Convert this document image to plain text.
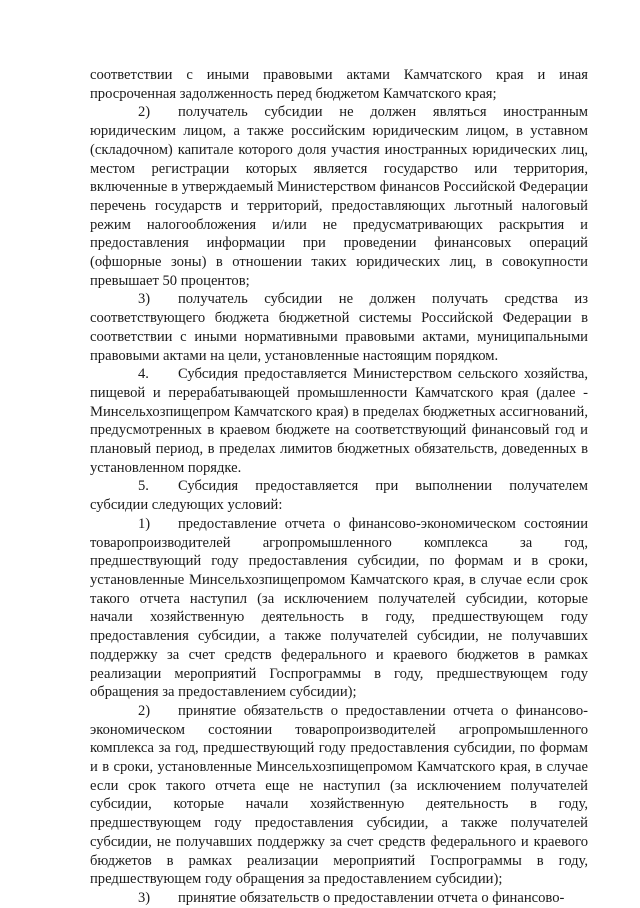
соответствии с иными правовыми актами Камчатского края и иная просроченная задолженность перед бюджетом Камчатского края;

2) получатель субсидии не должен являться иностранным юридическим лицом, а также российским юридическим лицом, в уставном (складочном) капитале которого доля участия иностранных юридических лиц, местом регистрации которых является государство или территория, включенные в утверждаемый Министерством финансов Российской Федерации перечень государств и территорий, предоставляющих льготный налоговый режим налогообложения и/или не предусматривающих раскрытия и предоставления информации при проведении финансовых операций (офшорные зоны) в отношении таких юридических лиц, в совокупности превышает 50 процентов;

3) получатель субсидии не должен получать средства из соответствующего бюджета бюджетной системы Российской Федерации в соответствии с иными нормативными правовыми актами, муниципальными правовыми актами на цели, установленные настоящим порядком.

4. Субсидия предоставляется Министерством сельского хозяйства, пищевой и перерабатывающей промышленности Камчатского края (далее - Минсельхозпищепром Камчатского края) в пределах бюджетных ассигнований, предусмотренных в краевом бюджете на соответствующий финансовый год и плановый период, в пределах лимитов бюджетных обязательств, доведенных в установленном порядке.

5. Субсидия предоставляется при выполнении получателем субсидии следующих условий:

1) предоставление отчета о финансово-экономическом состоянии товаропроизводителей агропромышленного комплекса за год, предшествующий году предоставления субсидии, по формам и в сроки, установленные Минсельхозпищепромом Камчатского края, в случае если срок такого отчета наступил (за исключением получателей субсидии, которые начали хозяйственную деятельность в году, предшествующем году предоставления субсидии, а также получателей субсидии, не получавших поддержку за счет средств федерального и краевого бюджетов в рамках реализации мероприятий Госпрограммы в году, предшествующем году обращения за предоставлением субсидии);

2) принятие обязательств о предоставлении отчета о финансово-экономическом состоянии товаропроизводителей агропромышленного комплекса за год, предшествующий году предоставления субсидии, по формам и в сроки, установленные Минсельхозпищепромом Камчатского края, в случае если срок такого отчета еще не наступил (за исключением получателей субсидии, которые начали хозяйственную деятельность в году, предшествующем году предоставления субсидии, а также получателей субсидии, не получавших поддержку за счет средств федерального и краевого бюджетов в рамках реализации мероприятий Госпрограммы в году, предшествующем году обращения за предоставлением субсидии);

3) принятие обязательств о предоставлении отчета о финансово-
